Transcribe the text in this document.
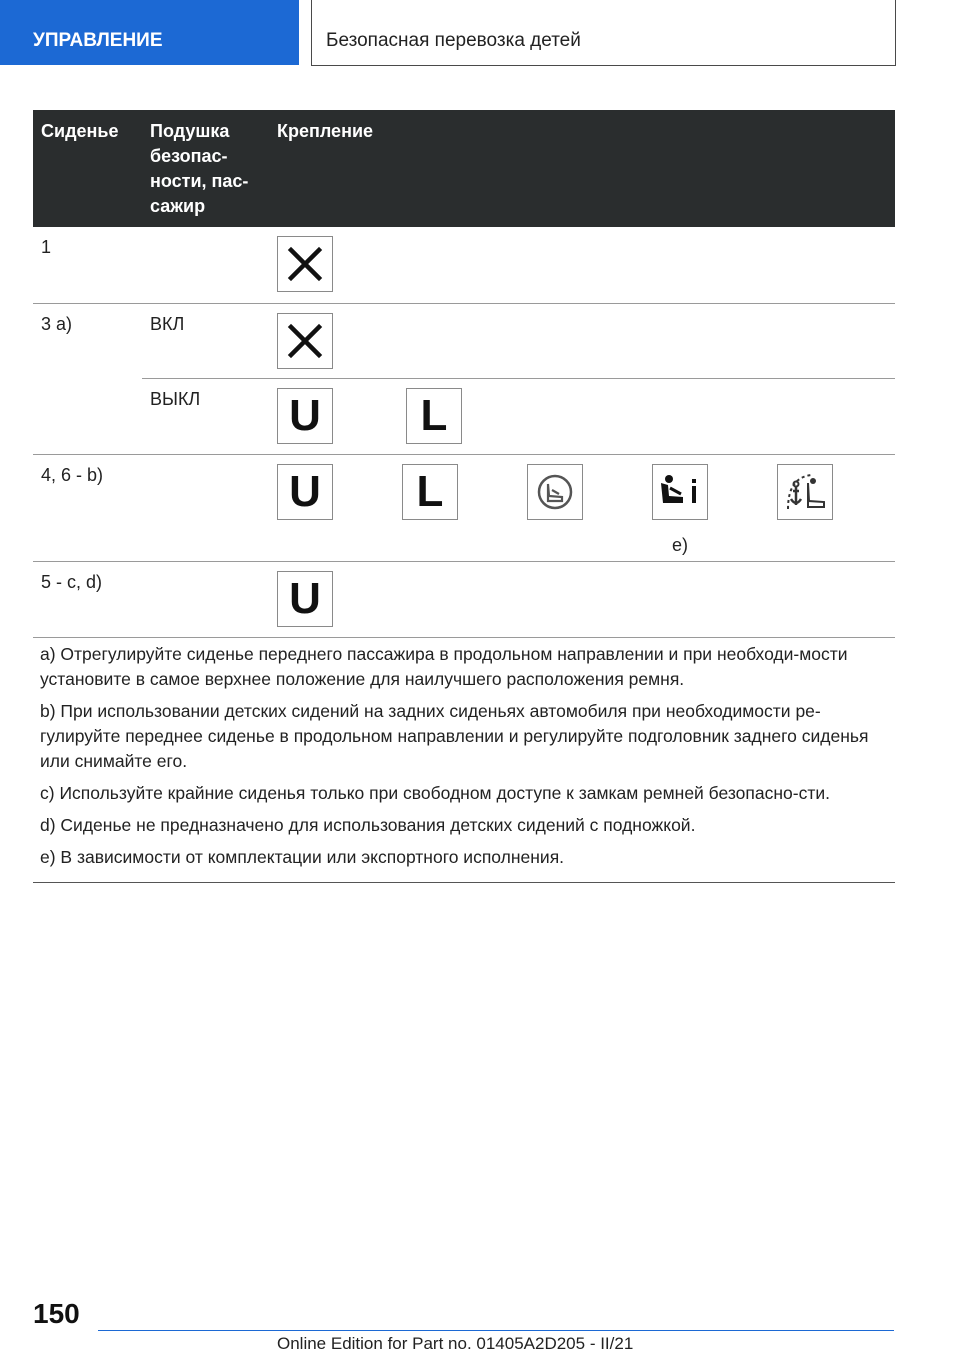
УПРАВЛЕНИЕ	Безопасная перевозка детей
Сиденье	Подушка безопас-ности, пас-сажир	Крепление
1		

3 a)	ВКЛ	

	ВЫКЛ	U L

4, 6 - b)		U L
e)

5 - c, d)		U

a) Отрегулируйте сиденье переднего пассажира в продольном направлении и при необходи-мости установите в самое верхнее положение для наилучшего расположения ремня.

b) При использовании детских сидений на задних сиденьях автомобиля при необходимости ре-гулируйте переднее сиденье в продольном направлении и регулируйте подголовник заднего сиденья или снимайте его.

c) Используйте крайние сиденья только при свободном доступе к замкам ремней безопасно-сти.

d) Сиденье не предназначено для использования детских сидений с подножкой.

e) В зависимости от комплектации или экспортного исполнения.

150
Online Edition for Part no. 01405A2D205 - II/21
